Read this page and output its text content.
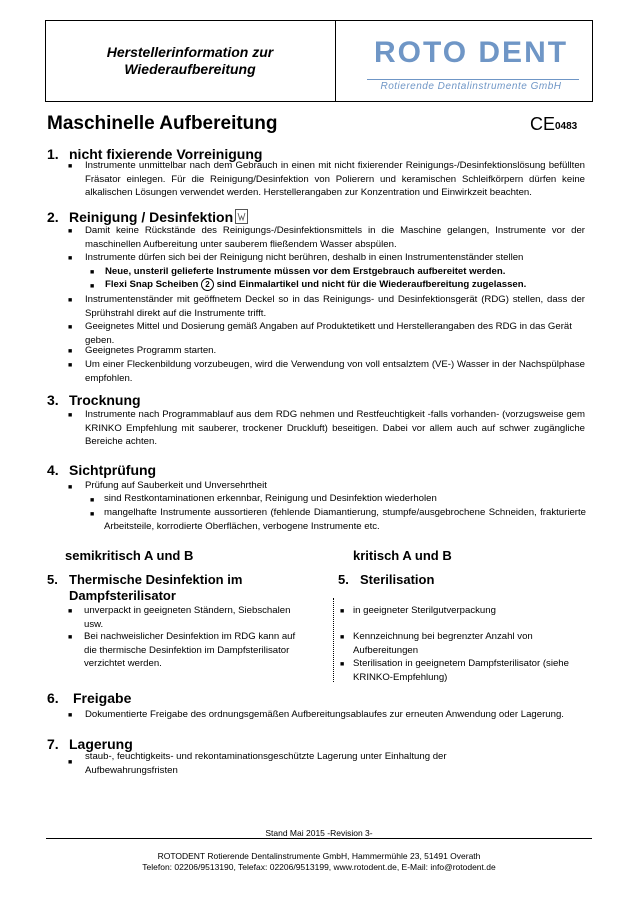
Herstellerinformation zur
Wiederaufbereitung	ROTO DENT
Rotierende Dentalinstrumente GmbH
Maschinelle Aufbereitung	CE 0483
1. nicht fixierende Vorreinigung
■ Instrumente unmittelbar nach dem Gebrauch in einen mit nicht fixierender Reinigungs-/Desinfektionslösung befüllten Fräsator einlegen. Für die Reinigung/Desinfektion von Polierern und keramischen Schleifkörpern dürfen keine alkalischen Lösungen verwendet werden. Herstellerangaben zur Konzentration und Einwirkzeit beachten.
2. Reinigung / Desinfektion
■ Damit keine Rückstände des Reinigungs-/Desinfektionsmittels in die Maschine gelangen, Instrumente vor der maschinellen Aufbereitung unter sauberem fließendem Wasser abspülen.
■ Instrumente dürfen sich bei der Reinigung nicht berühren, deshalb in einen Instrumentenständer stellen
■ Neue, unsteril gelieferte Instrumente müssen vor dem Erstgebrauch aufbereitet werden.
■ Flexi Snap Scheiben 2 sind Einmalartikel und nicht für die Wiederaufbereitung zugelassen.
■ Instrumentenständer mit geöffnetem Deckel so in das Reinigungs- und Desinfektionsgerät (RDG) stellen, dass der Sprühstrahl direkt auf die Instrumente trifft.
■ Geeignetes Mittel und Dosierung gemäß Angaben auf Produktetikett und Herstellerangaben des RDG in das Gerät geben.
■ Geeignetes Programm starten.
■ Um einer Fleckenbildung vorzubeugen, wird die Verwendung von voll entsalztem (VE-) Wasser in der Nachspülphase empfohlen.
3. Trocknung
■ Instrumente nach Programmablauf aus dem RDG nehmen und Restfeuchtigkeit -falls vorhanden- (vorzugsweise gem KRINKO Empfehlung mit sauberer, trockener Druckluft) beseitigen. Dabei vor allem auch auf schwer zugängliche Bereiche achten.
4. Sichtprüfung
■ Prüfung auf Sauberkeit und Unversehrtheit
■ sind Restkontaminationen erkennbar, Reinigung und Desinfektion wiederholen
■ mangelhafte Instrumente aussortieren (fehlende Diamantierung, stumpfe/ausgebrochene Schneiden, frakturierte Arbeitsteile, korrodierte Oberflächen, verbogene Instrumente etc.
semikritisch A und B	kritisch A und B
5. Thermische Desinfektion im
Dampfsterilisator
5. Sterilisation
■ unverpackt in geeigneten Ständern, Siebschalen usw.
■ Bei nachweislicher Desinfektion im RDG kann auf die thermische Desinfektion im Dampfsterilisator verzichtet werden.
■ in geeigneter Sterilgutverpackung
■ Kennzeichnung bei begrenzter Anzahl von Aufbereitungen
■ Sterilisation in geeignetem Dampfsterilisator (siehe KRINKO-Empfehlung)
6. Freigabe
■ Dokumentierte Freigabe des ordnungsgemäßen Aufbereitungsablaufes zur erneuten Anwendung oder Lagerung.
7. Lagerung
■
staub-, feuchtigkeits- und rekontaminationsgeschützte Lagerung unter Einhaltung der Aufbewahrungsfristen
Stand Mai 2015 -Revision 3-
ROTODENT Rotierende Dentalinstrumente GmbH, Hammermühle 23, 51491 Overath
Telefon: 02206/9513190, Telefax: 02206/9513199, www.rotodent.de, E-Mail: info@rotodent.de
